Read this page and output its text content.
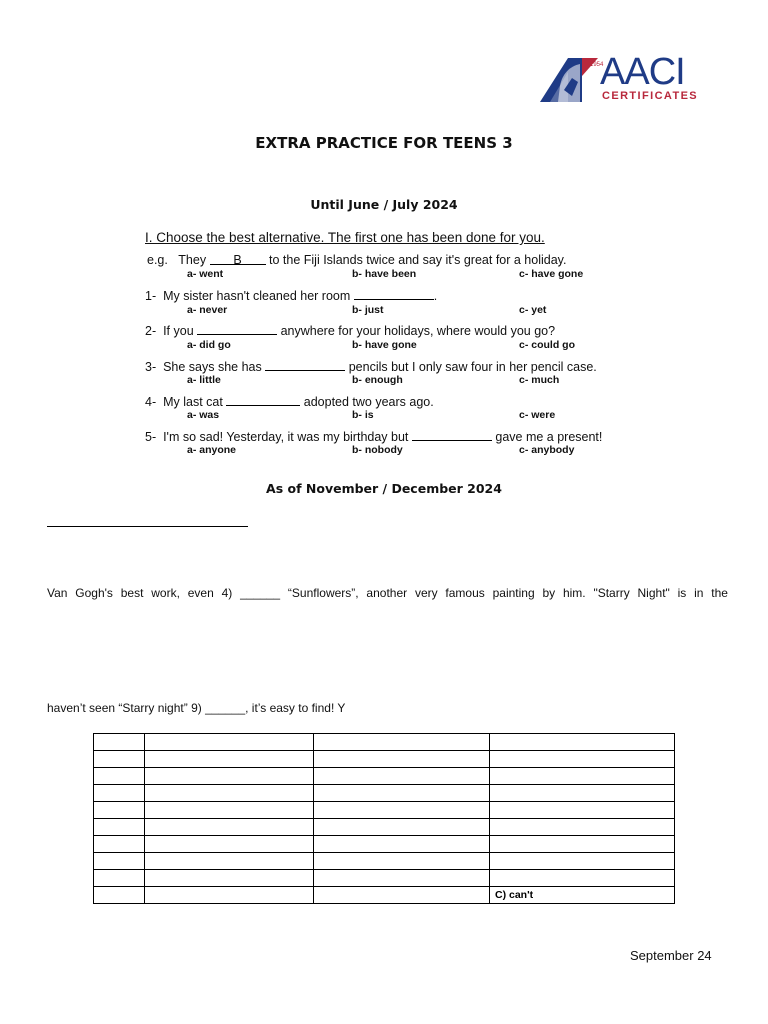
1954
AACI
CERTIFICATES
EXTRA PRACTICE FOR TEENS 3
Until June / July 2024
I. Choose the best alternative. The first one has been done for you.
e.g. They B to the Fiji Islands twice and say it's great for a holiday.
a- went	b- have been	c- have gone
1- My sister hasn't cleaned her room	.
a- never	b- just	c- yet
2- If you	anywhere for your holidays, where would you go?
a- did go	b- have gone	c- could go
3- She says she has	pencils but I only saw four in her pencil case.
a- little	b- enough	c- much
4- My last cat	adopted two years ago.
a- was	b- is	c- were
5- I'm so sad! Yesterday, it was my birthday but	gave me a present!
a- anyone	b- nobody	c- anybody
As of November / December 2024
Van Gogh's best work, even 4) ______ “Sunflowers”, another very famous painting by him. "Starry Night" is in the
haven’t seen “Starry night” 9) ______, it’s easy to find! Y

			C) can't
September 24
